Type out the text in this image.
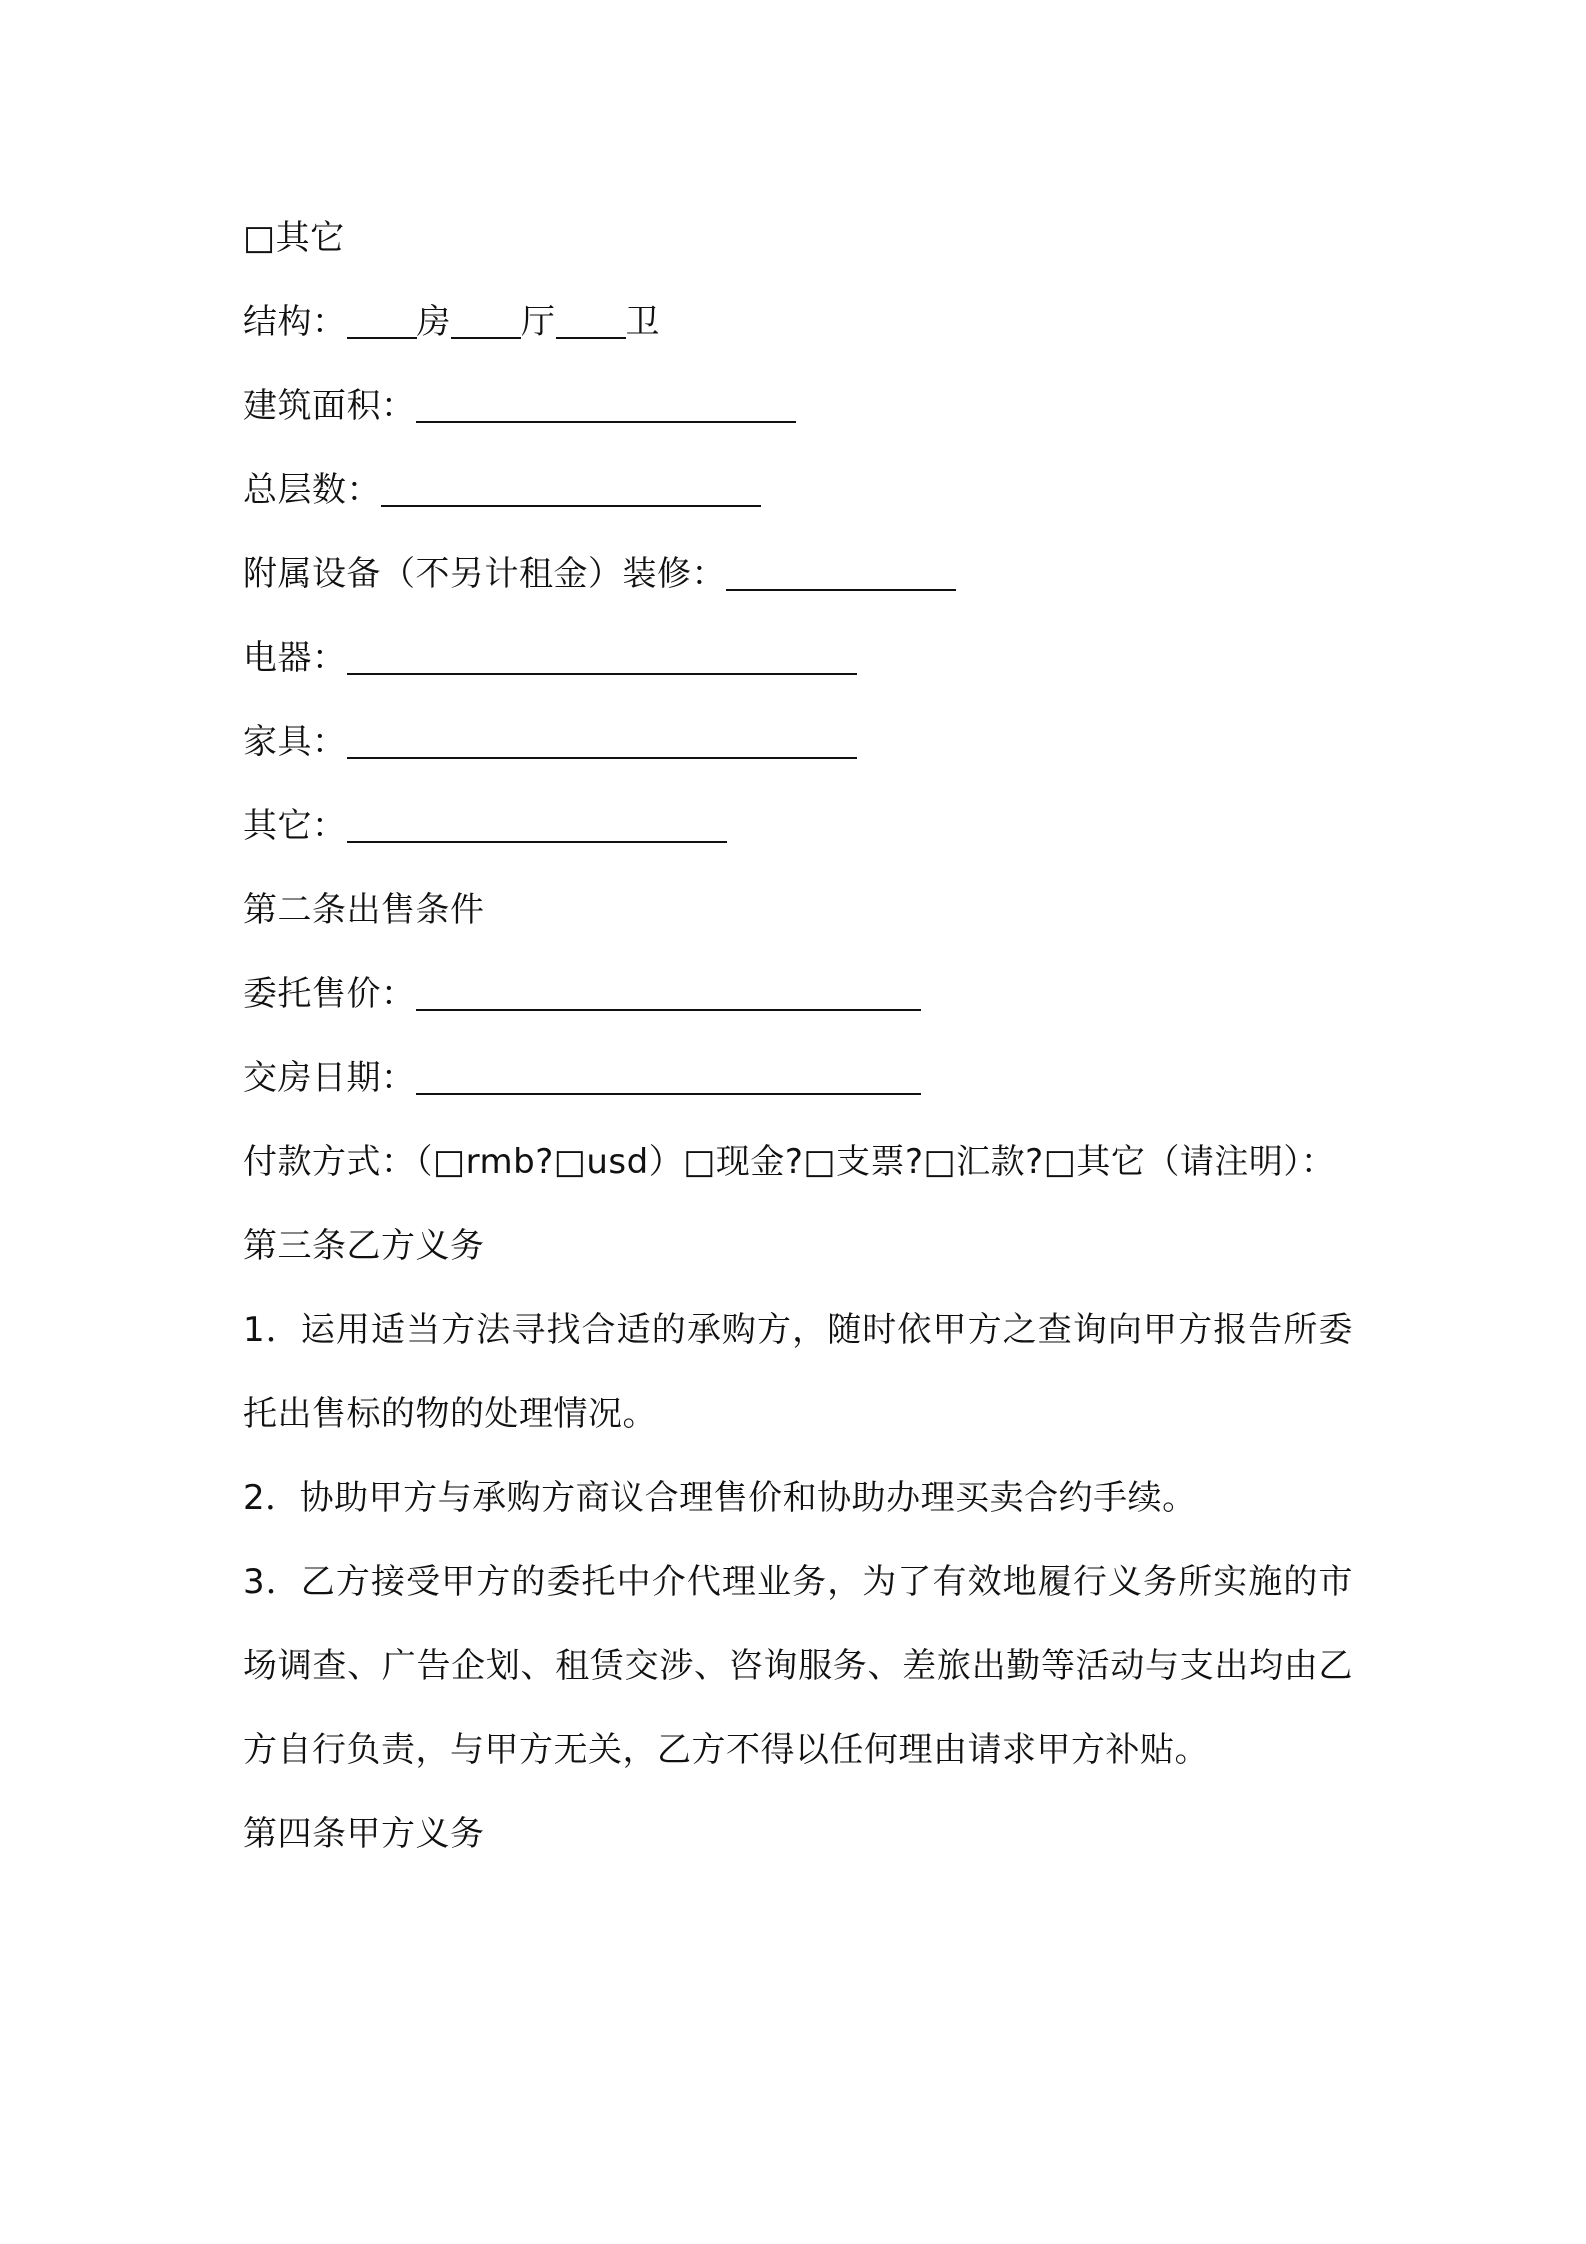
□其它
结构： 房 厅 卫
建筑面积：
总层数：
附属设备（不另计租金）装修：
电器：
家具：
其它：
第二条出售条件
委托售价：
交房日期：
付款方式：（□rmb?□usd）□现金?□支票?□汇款?□其它（请注明）：
第三条乙方义务
1．运用适当方法寻找合适的承购方，随时依甲方之查询向甲方报告所委托出售标的物的处理情况。
2．协助甲方与承购方商议合理售价和协助办理买卖合约手续。
3．乙方接受甲方的委托中介代理业务，为了有效地履行义务所实施的市场调查、广告企划、租赁交涉、咨询服务、差旅出勤等活动与支出均由乙方自行负责，与甲方无关，乙方不得以任何理由请求甲方补贴。
第四条甲方义务
